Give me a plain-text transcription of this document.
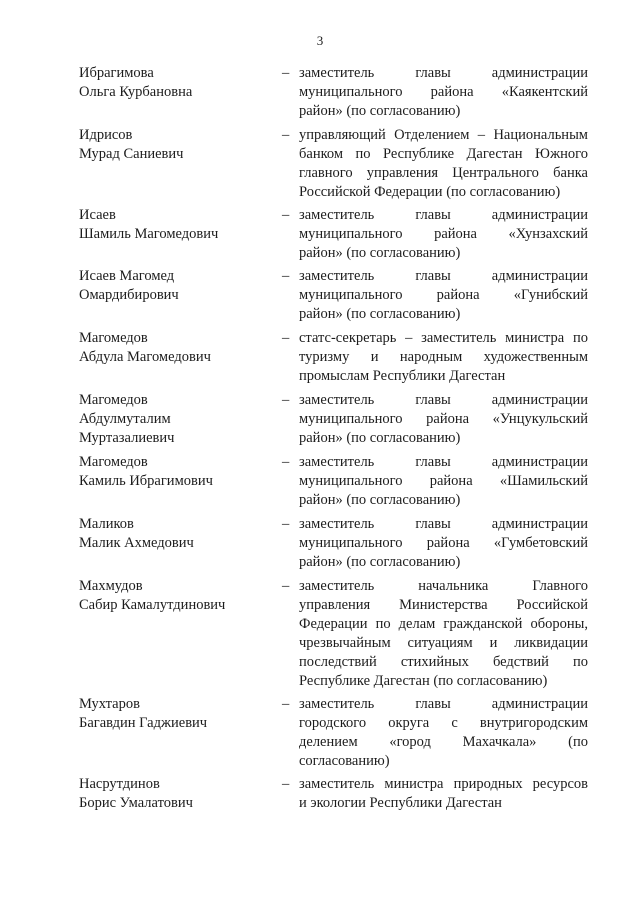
3
Ибрагимова
Ольга Курбановна
– заместитель главы администрации
муниципального района «Каякентский
район» (по согласованию)
Идрисов
Мурад Саниевич
– управляющий Отделением – Национальным
банком по Республике Дагестан Южного
главного управления Центрального банка
Российской Федерации (по согласованию)
Исаев
Шамиль Магомедович
– заместитель главы администрации
муниципального района «Хунзахский
район» (по согласованию)
Исаев Магомед
Омардибирович
– заместитель главы администрации
муниципального района «Гунибский
район» (по согласованию)
Магомедов
Абдула Магомедович
– статс-секретарь – заместитель министра по
туризму и народным художественным
промыслам Республики Дагестан
Магомедов
Абдулмуталим
Муртазалиевич
– заместитель главы администрации
муниципального района «Унцукульский
район» (по согласованию)
Магомедов
Камиль Ибрагимович
– заместитель главы администрации
муниципального района «Шамильский
район» (по согласованию)
Маликов
Малик Ахмедович
– заместитель главы администрации
муниципального района «Гумбетовский
район» (по согласованию)
Махмудов
Сабир Камалутдинович
– заместитель начальника Главного
управления Министерства Российской
Федерации по делам гражданской обороны,
чрезвычайным ситуациям и ликвидации
последствий стихийных бедствий по
Республике Дагестан (по согласованию)
Мухтаров
Багавдин Гаджиевич
– заместитель главы администрации
городского округа с внутригородским
делением «город Махачкала» (по
согласованию)
Насрутдинов
Борис Умалатович
– заместитель министра природных ресурсов
и экологии Республики Дагестан
